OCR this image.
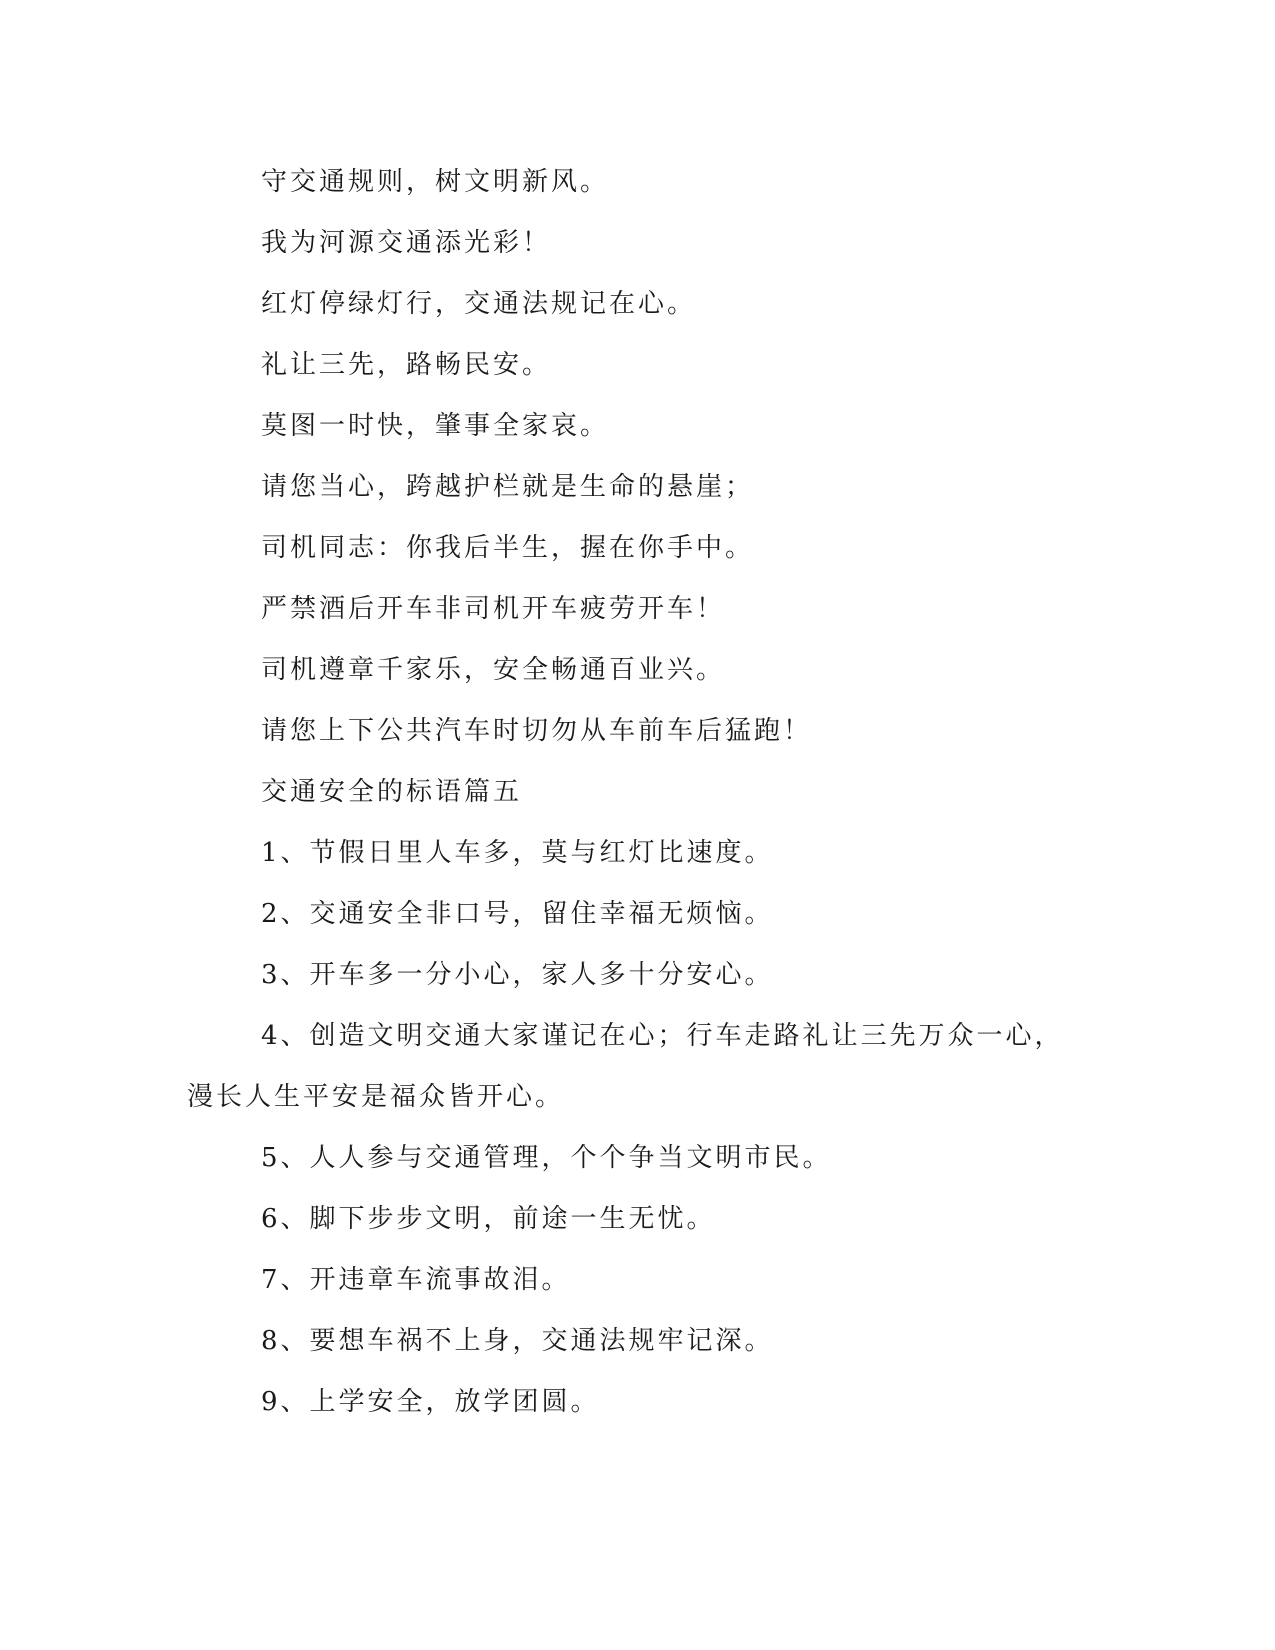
守交通规则，树文明新风。
我为河源交通添光彩！
红灯停绿灯行，交通法规记在心。
礼让三先，路畅民安。
莫图一时快，肇事全家哀。
请您当心，跨越护栏就是生命的悬崖；
司机同志：你我后半生，握在你手中。
严禁酒后开车非司机开车疲劳开车！
司机遵章千家乐，安全畅通百业兴。
请您上下公共汽车时切勿从车前车后猛跑！
交通安全的标语篇五
1、节假日里人车多，莫与红灯比速度。
2、交通安全非口号，留住幸福无烦恼。
3、开车多一分小心，家人多十分安心。
4、创造文明交通大家谨记在心；行车走路礼让三先万众一心，
漫长人生平安是福众皆开心。
5、人人参与交通管理，个个争当文明市民。
6、脚下步步文明，前途一生无忧。
7、开违章车流事故泪。
8、要想车祸不上身，交通法规牢记深。
9、上学安全，放学团圆。
